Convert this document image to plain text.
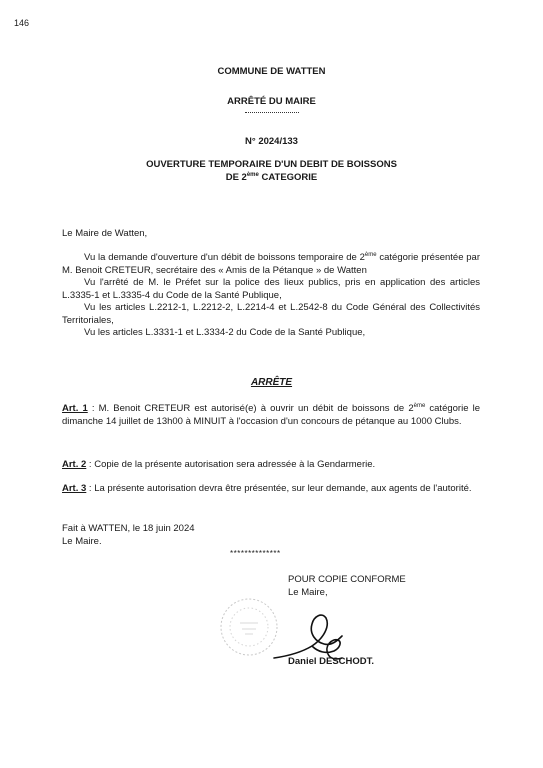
146
COMMUNE DE WATTEN
ARRÊTÉ DU MAIRE
N° 2024/133
OUVERTURE TEMPORAIRE D'UN DEBIT DE BOISSONS
DE 2ème CATEGORIE
Le Maire de Watten,

Vu la demande d'ouverture d'un débit de boissons temporaire de 2ème catégorie présentée par M. Benoit CRETEUR, secrétaire des « Amis de la Pétanque » de Watten

Vu l'arrêté de M. le Préfet sur la police des lieux publics, pris en application des articles L.3335-1 et L.3335-4 du Code de la Santé Publique,

Vu les articles L.2212-1, L.2212-2, L.2214-4 et L.2542-8 du Code Général des Collectivités Territoriales,

Vu les articles L.3331-1 et L.3334-2 du Code de la Santé Publique,

ARRÊTE

Art. 1 : M. Benoit CRETEUR est autorisé(e) à ouvrir un débit de boissons de 2ème catégorie le dimanche 14 juillet de 13h00 à MINUIT à l'occasion d'un concours de pétanque au 1000 Clubs.

Art. 2 : Copie de la présente autorisation sera adressée à la Gendarmerie.

Art. 3 : La présente autorisation devra être présentée, sur leur demande, aux agents de l'autorité.

Fait à WATTEN, le 18 juin 2024
Le Maire.
**************
POUR COPIE CONFORME
Le Maire,
Daniel DESCHODT.
